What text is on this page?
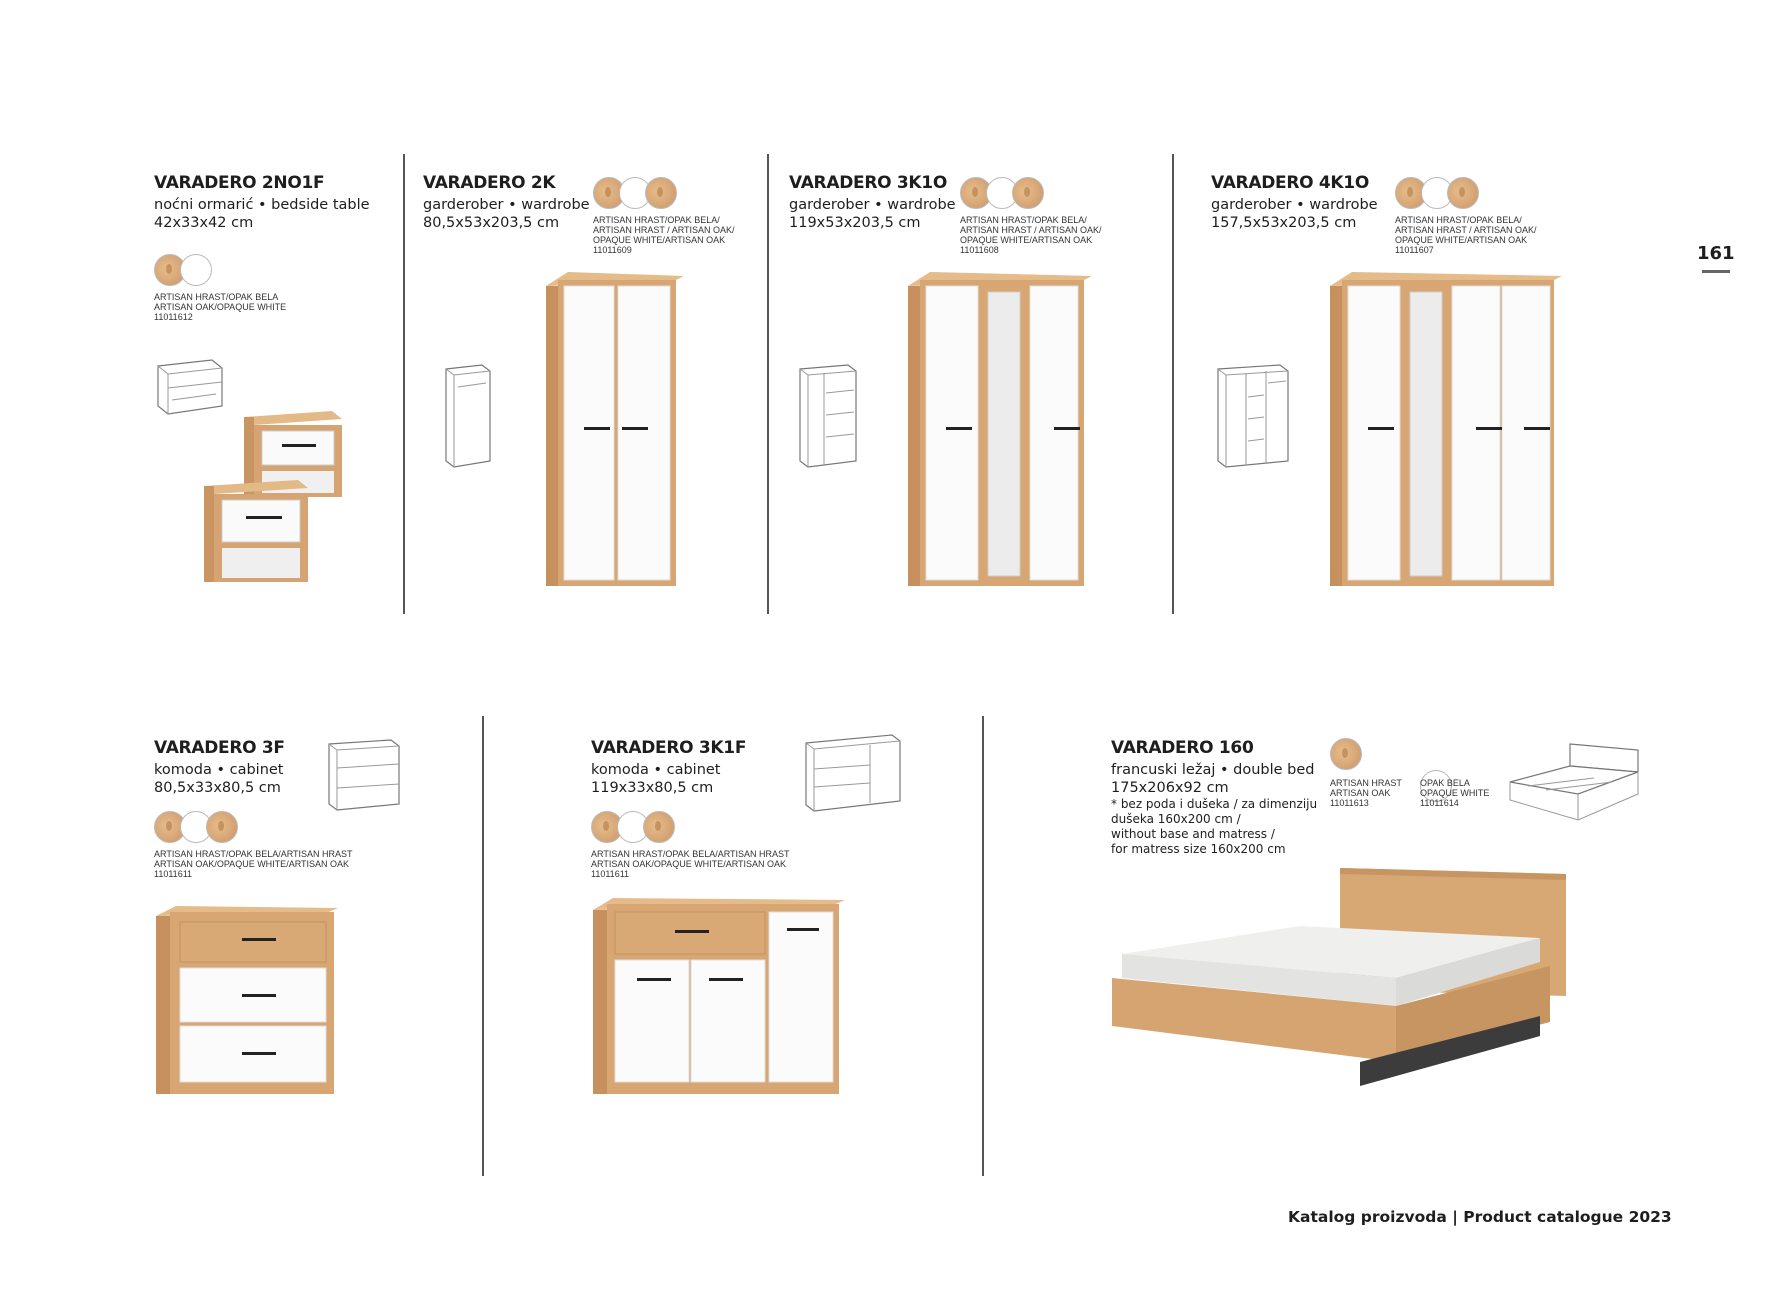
161
VARADERO 2NO1F
noćni ormarić • bedside table
42x33x42 cm
ARTISAN HRAST/OPAK BELA
ARTISAN OAK/OPAQUE WHITE
11011612
VARADERO 2K
garderober • wardrobe
80,5x53x203,5 cm	ARTISAN HRAST/OPAK BELA/
ARTISAN HRAST / ARTISAN OAK/
OPAQUE WHITE/ARTISAN OAK
11011609
VARADERO 3K1O
garderober • wardrobe
119x53x203,5 cm	ARTISAN HRAST/OPAK BELA/
ARTISAN HRAST / ARTISAN OAK/
OPAQUE WHITE/ARTISAN OAK
11011608
VARADERO 4K1O
garderober • wardrobe
157,5x53x203,5 cm	ARTISAN HRAST/OPAK BELA/
ARTISAN HRAST / ARTISAN OAK/
OPAQUE WHITE/ARTISAN OAK
11011607
VARADERO 3F
komoda • cabinet
80,5x33x80,5 cm
ARTISAN HRAST/OPAK BELA/ARTISAN HRAST
ARTISAN OAK/OPAQUE WHITE/ARTISAN OAK
11011611
VARADERO 3K1F
komoda • cabinet
119x33x80,5 cm
ARTISAN HRAST/OPAK BELA/ARTISAN HRAST
ARTISAN OAK/OPAQUE WHITE/ARTISAN OAK
11011611
VARADERO 160
francuski ležaj • double bed
175x206x92 cm
* bez poda i dušeka / za dimenziju
dušeka 160x200 cm /
without base and matress /
for matress size 160x200 cm
ARTISAN HRAST
ARTISAN OAK
11011613
OPAK BELA
OPAQUE WHITE
11011614
Katalog proizvoda | Product catalogue 2023
